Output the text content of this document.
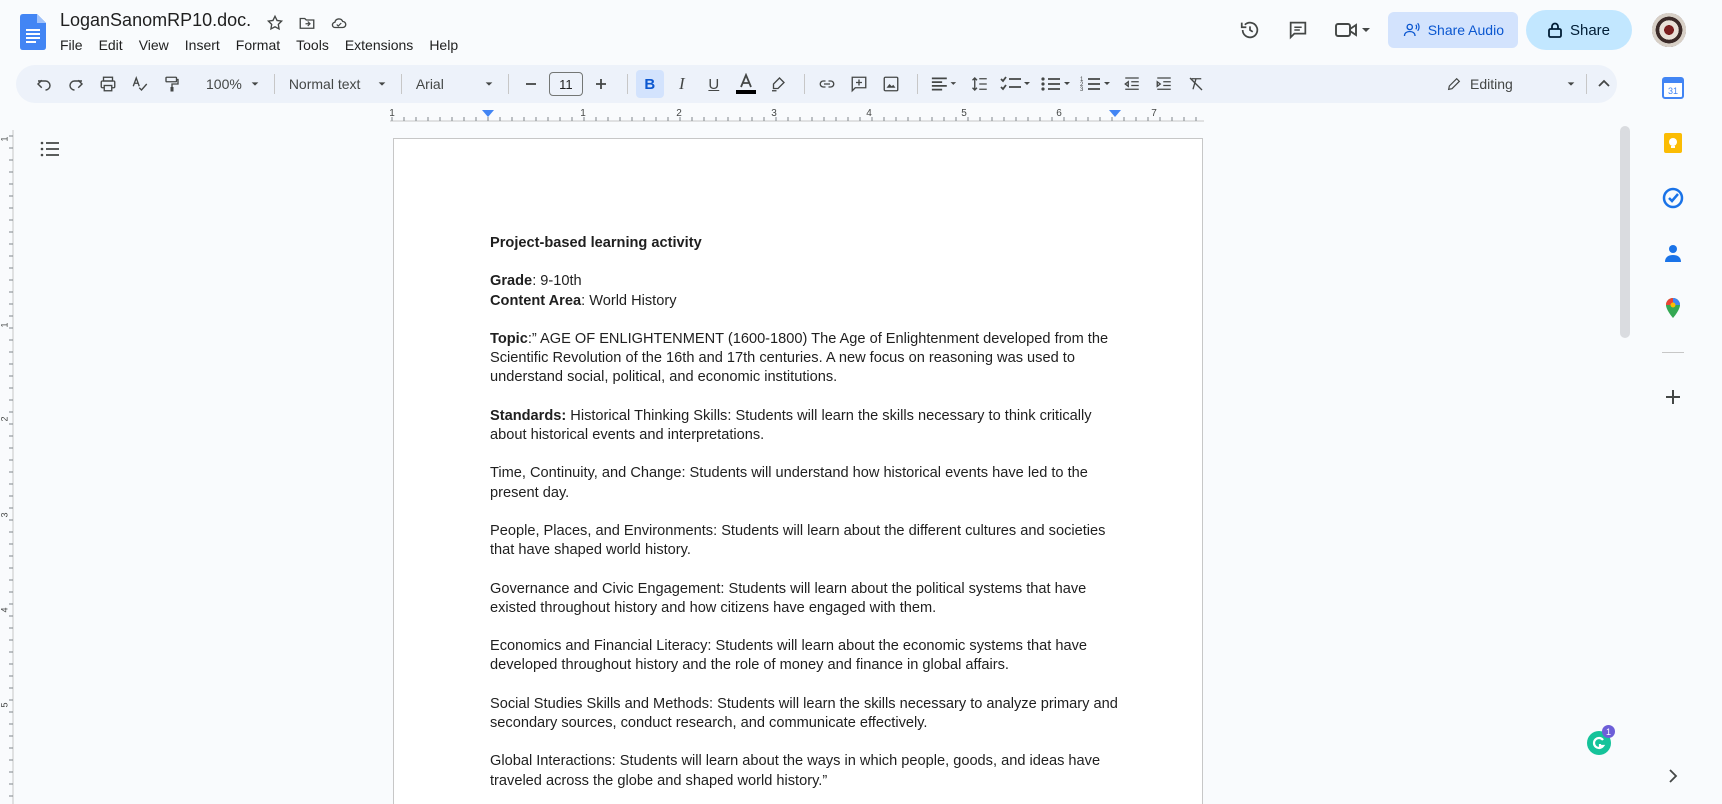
LoganSanomRP10.doc.
File	Edit	View	Insert	Format	Tools	Extensions	Help
Share Audio	Share
100%	Normal text	Arial	11	B	I	U	1
2
3	Editing
1	1	2	3	4	5	6	7
1
1
2
3
4
5

Project-based learning activity

Grade: 9-10th

Content Area: World History

Topic:” AGE OF ENLIGHTENMENT (1600-1800) The Age of Enlightenment developed from the Scientific Revolution of the 16th and 17th centuries. A new focus on reasoning was used to understand social, political, and economic institutions.

Standards: Historical Thinking Skills: Students will learn the skills necessary to think critically about historical events and interpretations.

Time, Continuity, and Change: Students will understand how historical events have led to the present day.

People, Places, and Environments: Students will learn about the different cultures and societies that have shaped world history.

Governance and Civic Engagement: Students will learn about the political systems that have existed throughout history and how citizens have engaged with them.

Economics and Financial Literacy: Students will learn about the economic systems that have developed throughout history and the role of money and finance in global affairs.

Social Studies Skills and Methods: Students will learn the skills necessary to analyze primary and secondary sources, conduct research, and communicate effectively.

Global Interactions: Students will learn about the ways in which people, goods, and ideas have traveled across the globe and shaped world history.”

31
1
